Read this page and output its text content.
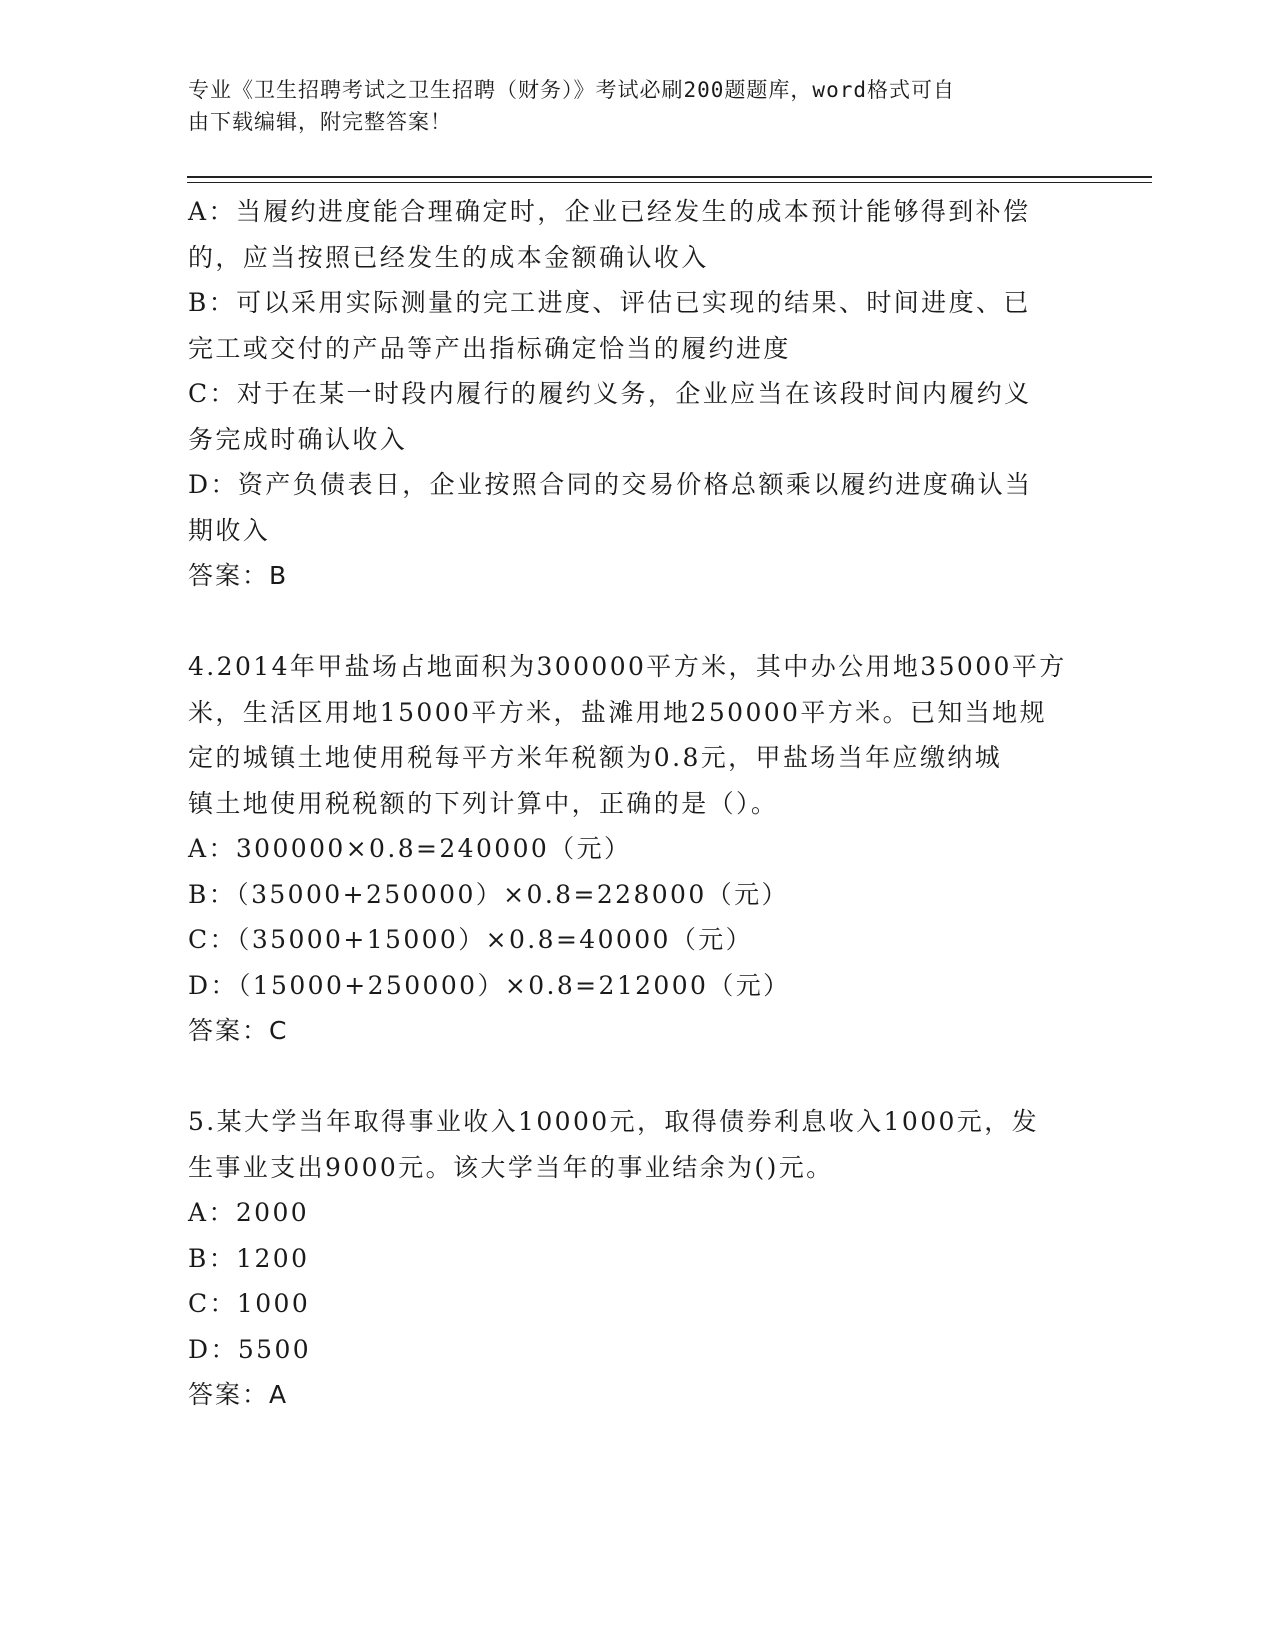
专业《卫生招聘考试之卫生招聘（财务）》考试必刷200题题库，word格式可自
由下载编辑，附完整答案！
A：当履约进度能合理确定时，企业已经发生的成本预计能够得到补偿
的，应当按照已经发生的成本金额确认收入
B：可以采用实际测量的完工进度、评估已实现的结果、时间进度、已
完工或交付的产品等产出指标确定恰当的履约进度
C：对于在某一时段内履行的履约义务，企业应当在该段时间内履约义
务完成时确认收入
D：资产负债表日，企业按照合同的交易价格总额乘以履约进度确认当
期收入
答案：B
4.2014年甲盐场占地面积为300000平方米，其中办公用地35000平方
米，生活区用地15000平方米，盐滩用地250000平方米。已知当地规
定的城镇土地使用税每平方米年税额为0.8元，甲盐场当年应缴纳城
镇土地使用税税额的下列计算中，正确的是（）。
A：300000×0.8=240000（元）
B：（35000+250000）×0.8=228000（元）
C：（35000+15000）×0.8=40000（元）
D：（15000+250000）×0.8=212000（元）
答案：C
5.某大学当年取得事业收入10000元，取得债券利息收入1000元，发
生事业支出9000元。该大学当年的事业结余为()元。
A：2000
B：1200
C：1000
D：5500
答案：A
